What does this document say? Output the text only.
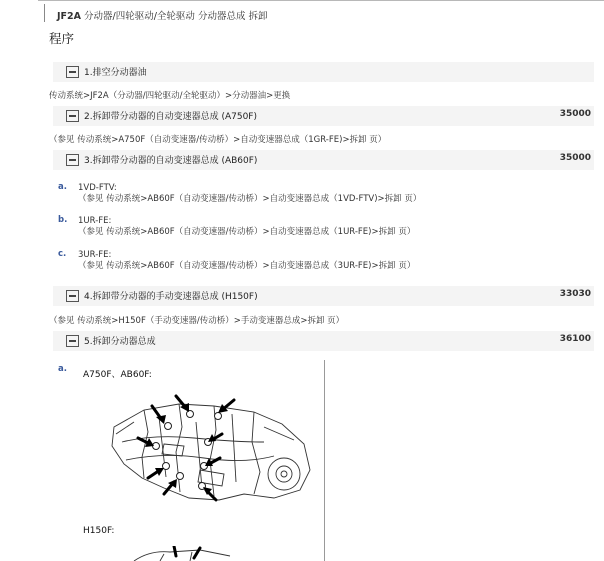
JF2A 分动器/四轮驱动/全轮驱动 分动器总成 拆卸
程序
1.排空分动器油
传动系统>JF2A（分动器/四轮驱动/全轮驱动）>分动器油>更换
2.拆卸带分动器的自动变速器总成 (A750F)	35000
（参见 传动系统>A750F（自动变速器/传动桥）>自动变速器总成（1GR-FE)>拆卸 页）
3.拆卸带分动器的自动变速器总成 (AB60F)	35000
a. 1VD-FTV:
（参见 传动系统>AB60F（自动变速器/传动桥）>自动变速器总成（1VD-FTV)>拆卸 页）
b. 1UR-FE:
（参见 传动系统>AB60F（自动变速器/传动桥）>自动变速器总成（1UR-FE)>拆卸 页）
c. 3UR-FE:
（参见 传动系统>AB60F（自动变速器/传动桥）>自动变速器总成（3UR-FE)>拆卸 页）
4.拆卸带分动器的手动变速器总成 (H150F)	33030
（参见 传动系统>H150F（手动变速器/传动桥）>手动变速器总成>拆卸 页）
5.拆卸分动器总成	36100
a.
A750F、AB60F:
H150F:
